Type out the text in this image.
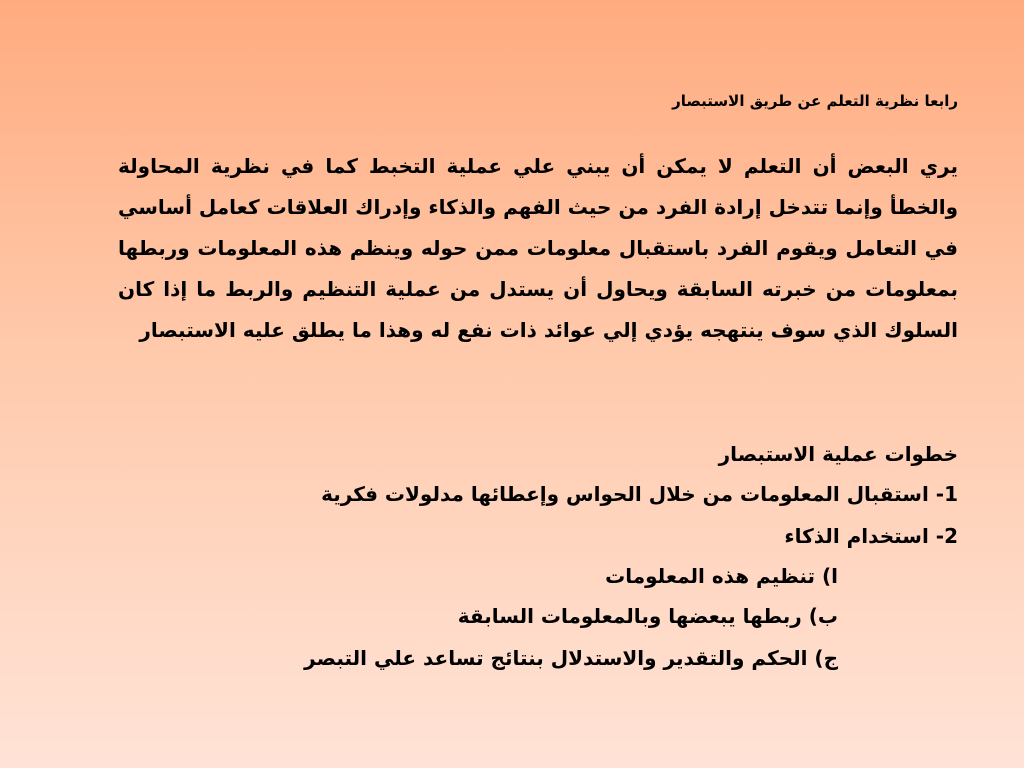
رابعا نظرية التعلم عن طريق الاستبصار
يري البعض أن التعلم لا يمكن أن يبني علي عملية التخبط كما في نظرية المحاولة والخطأ وإنما تتدخل إرادة الفرد من حيث الفهم والذكاء وإدراك العلاقات كعامل أساسي في التعامل ويقوم الفرد باستقبال معلومات ممن حوله وينظم هذه المعلومات وربطها بمعلومات من خبرته السابقة ويحاول أن يستدل من عملية التنظيم والربط ما إذا كان السلوك الذي سوف ينتهجه يؤدي إلي عوائد ذات نفع له وهذا ما يطلق عليه الاستبصار
خطوات عملية الاستبصار
1- استقبال المعلومات من خلال الحواس وإعطائها مدلولات فكرية
2- استخدام الذكاء
ا) تنظيم هذه المعلومات
ب) ربطها يبعضها وبالمعلومات السابقة
ج) الحكم والتقدير والاستدلال بنتائج تساعد علي التبصر
